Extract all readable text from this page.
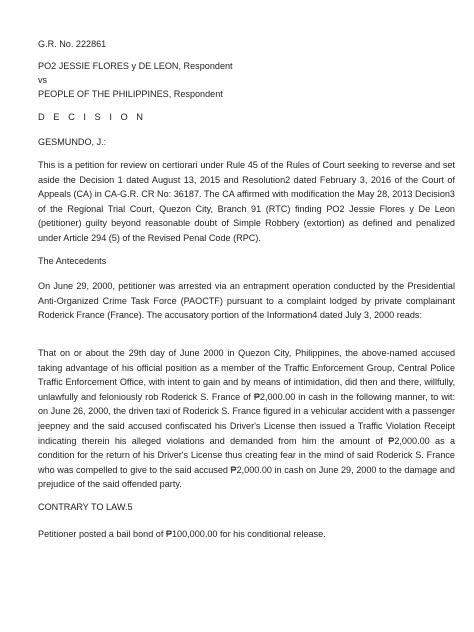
G.R. No. 222861

PO2 JESSIE FLORES y DE LEON, Respondent

vs

PEOPLE OF THE PHILIPPINES, Respondent

D E C I S I O N

GESMUNDO, J.:

This is a petition for review on certiorari under Rule 45 of the Rules of Court seeking to reverse and set aside the Decision 1 dated August 13, 2015 and Resolution2 dated February 3, 2016 of the Court of Appeals (CA) in CA-G.R. CR No: 36187. The CA affirmed with modification the May 28, 2013 Decision3 of the Regional Trial Court, Quezon City, Branch 91 (RTC) finding PO2 Jessie Flores y De Leon (petitioner) guilty beyond reasonable doubt of Simple Robbery (extortion) as defined and penalized under Article 294 (5) of the Revised Penal Code (RPC).

The Antecedents

On June 29, 2000, petitioner was arrested via an entrapment operation conducted by the Presidential Anti-Organized Crime Task Force (PAOCTF) pursuant to a complaint lodged by private complainant Roderick France (France). The accusatory portion of the Information4 dated July 3, 2000 reads:

That on or about the 29th day of June 2000 in Quezon City, Philippines, the above-named accused taking advantage of his official position as a member of the Traffic Enforcement Group, Central Police Traffic Enforcement Office, with intent to gain and by means of intimidation, did then and there, willfully, unlawfully and feloniously rob Roderick S. France of ₱2,000.00 in cash in the following manner, to wit: on June 26, 2000, the driven taxi of Roderick S. France figured in a vehicular accident with a passenger jeepney and the said accused confiscated his Driver's License then issued a Traffic Violation Receipt indicating therein his alleged violations and demanded from him the amount of ₱2,000.00 as a condition for the return of his Driver's License thus creating fear in the mind of said Roderick S. France who was compelled to give to the said accused ₱2,000.00 in cash on June 29, 2000 to the damage and prejudice of the said offended party.

CONTRARY TO LAW.5

Petitioner posted a bail bond of ₱100,000.00 for his conditional release.
